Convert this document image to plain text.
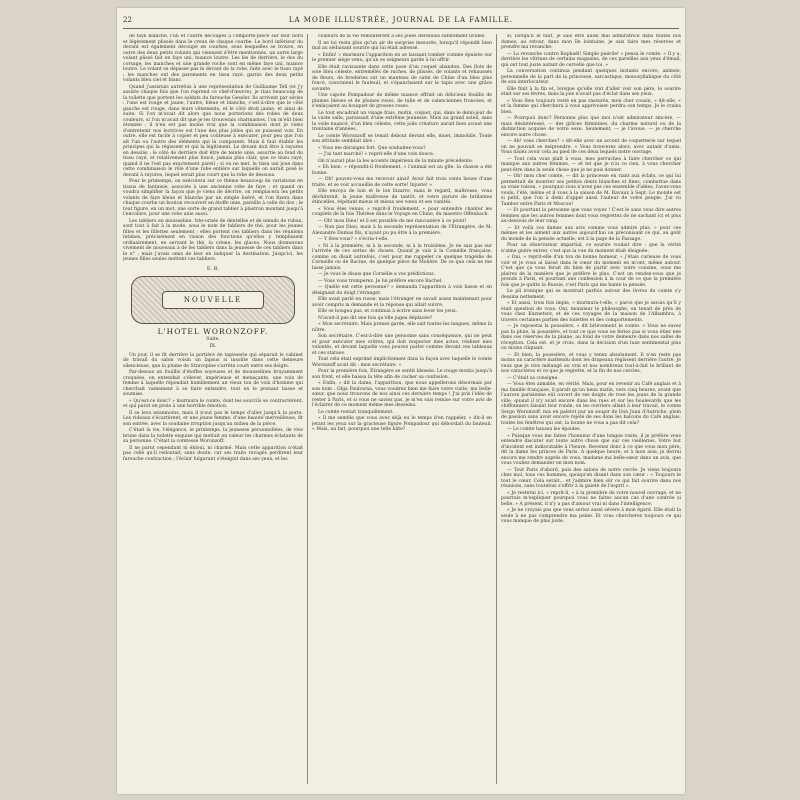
22	LA MODE ILLUSTRÉE, JOURNAL DE LA FAMILLE.

de faye blanche, l'un et l'autre découpés à l'emporte-pièce sur leur bord et légèrement plissés dans le creux de chaque courbe. Le bord inférieur du devant est également découpé en courbes, sous lesquelles se trouve, en outre des deux petits volants qui viennent d'être mentionnés, un autre large volant plissé fait en faye uni, nuance loutre. Les lés de derrière, le dos du corsage, les manches et une grande roche sont en même faye uni, nuance loutre. Le volant se dépasse pas le devant de la robe, faite avec le tissu rayé ; les manches ont des parements en tissu rayé, garnis des deux petits volants bleu ciel et blanc.

Quand j'assistais autrefois à une représentation de Guillaume Tell (et j'y assiste chaque fois que l'on reprend ce chef-d'œuvre), je riais beaucoup de la toilette que portent les soldats du farouche Gessler. Ils arrivent par séries : l'une est rouge et jaune, l'autre, bleue et blanche, c'est-à-dire que le côté gauche est rouge, dans leurs vêtements, et le côté droit jaune, et ainsi de suite. Si l'on m'avait dit alors que nous porterions des robes de deux couleurs, si l'on m'avait dit que je les trouverais charmantes, l'on m'eût bien étonnée ; il n'en est pas moins vrai que la combinaison dont je viens d'entretenir nos lectrices est l'une des plus jolies qui se puissent voir. En outre, elle est facile à copier et peu coûteuse à exécuter, pour peu que l'on ait l'un ou l'autre des éléments qui la composent. Mais il faut établir les principes qui la régissent et qui la légitiment. Le devant doit être à rayures en dessins ; le côté de derrière doit être de teinte unie, assortie au fond du tissu rayé, et relativement plus foncé, jamais plus clair, que ce tissu rayé, quand il ne l'est pas exactement pareil ; si on ne met, le tissu uni joue dans cette combinaison le rôle d'une robe entière sur laquelle on aurait posé le devant à rayures, lequel serait plus court que la robe de dessous.

Pour le printemps, on exécutera sur ce thème beaucoup de variations en tissus de fantaisie, associés à une ancienne robe de faye ; et quand on voudra simplifier la façon que je viens de décrire, on remplacera les petits volants de faye bleue et blanche par un simple liséré, et l'on fixera dans chaque courbe un bouton recouvert en étoffe unie, pareille à celle du dos ; le tout figure, en un mot, une sorte de grand tablier à plastron montant jusqu'à l'encolure, pour une robe unie aussi.

Les tabliers en mousseline, très-ornés de dentelles et de nœuds de ruban, sont tout à fait à la mode, sous le nom de tabliers de thé, pour les jeunes filles et les fillettes seulement ; elles portent ces tabliers dans les réunions intimes, précisément en raison des fonctions qu'elles y remplissent ordinairement, en servant le thé, la crème, les glaces. Nous donnerons vivement de nouveaux à de les tabliers dans la jeunesse de ces tabliers dans le n° ; mais j'avais omis de leur en indiquer la destination. Jusqu'ici, les jeunes filles seules mettent ces tabliers.

E. R.
NOUVELLE
L'HOTEL WORONZOFF.
Suite.
IX.

Un jour, il se fit derrière la portière de tapisserie qui séparait le cabinet de travail du salon voisin un lapsus si insolite dans cette demeure silencieuse, que la plume de Stravopine s'arrêta court entre ses doigts.

Par-dessus un fouillis d'étoffes soyeuses et de mousselines bruyamment croquées, on entendait s'élever, impérieuse et menaçante, une voix de femme à laquelle répondait humblement un vieux ton de voix d'homme qui cherchait vainement à se faire entendre, tout en le prenant basse et soumise.

« Qu'est-ce donc? » murmura le comte, dont les sourcils se contractèrent, et qui parut en proie à une horrible émotion.

Il se leva néanmoins, mais il n'eut pas le temps d'aller jusqu'à la porte. Les rideaux s'écartèrent, et une jeune femme, d'une beauté merveilleuse, fit son entrée, avec la soudaine irruption jusqu'au milieu de la pièce.

C'était la vie, l'élégance, le printemps, la jeunesse personnifiées, de vive brune dans la toilette exquise qui mettait en valeur les charmes éclatants de sa personne. C'était la comtesse Woronzoff.

Il ne parut cependant ni ébloui, ni charmé. Mais cette apparition n'était pas celle qu'il redoutait, sans doute, car ses traits ravagés perdirent leur farouche contraction ; l'éclair fulgurant s'éteignit dans ses yeux, et les

couleurs de la vie remontèrent à ses joues devenues subitement livides.

Il ne lui resta plus qu'un air de surprise mesurée, lorsqu'il répondit bien mal au séduisant sourire qui lui était adressé.

« Enfin! » murmura l'apparition en se laissant tomber comme épuisée sur le premier siège venu, qu'un es seigneurs garde à lui offrir.

Elle était ravissante dans cette pose d'un coquet abandon. Des flots de soie bleu céleste, entremêlés de ruches, de plissés, de volants et rehaussés de fleurs, de broderies sur un manteau de satin de Chine d'un bleu plus foncé, couvraient le fauteuil, et s'épanchaient sur le tapis avec une grâce savante.

Une capote Pompadour de même nuance offrait un délicieux feuillis de plumes bleues et de plumes roses, de tulle et de valenciennes froncées, et s'enlaçaient au bouquet de grosses roses.

Le tout encadrait un visage frais, mutin, coquet, qui, dans le demi-jour de la vaste salle, paraissait d'une extrême jeunesse. Mais au grand soleil, sans la voile nuancé, d'un bleu céleste, cette jolie créature aurait bien avoué une trentaine d'années.

Le comte Woronzoff se tenait debout devant elle, muet, immobile. Toute son attitude semblait dire :

« Vous me dérangez fort. Que souhaitez-vous?

— J'ai tant marché! » reprit-elle d'une voix douce.

On n'aurait plus la les accents impérieux de la minute précédente.

« Eh bien, » répondit-il froidement, « l'animal est au gîte, la chasse a été bonne.

— Oh! pouvez-vous me recevoir ainsi! Avoir fait trois cents lieues d'une traite, et se voir accueillie de cette sorte! Injuste! »

Elle envoya de loin et le ton bizarre, mais le regard, maîtresse, vous déchirerait, la jeune maîtresse de tantôt, et votre parure de brillantes étincelles, répétant mieux et mieux ses vœux et ses vanités.

« Vous êtes venue, » reprit-il froidement, « pour entendre chanter les couplets de la fois Thérèse dans le Voyage en Chine, du maestro Offenbach.

— Oh! mon Dieu! et il est possible de me rancunière à ce point!

— Non pas Dieu, mais à la seconde représentation de l'Étrangère, de M. Alexandre Dumas fils, n'ayant pu pu être à la première.

— Y êtes-vous? » s'écria-t-elle.

« Ni à la première, ni à la seconde, ni à la troisième. Je ne sais pas sur l'arrivée de ces sortes de choses. Quand je vais à la Comédie française, comme on disait autrefois, c'est pour me rappeler ce quelque tragédie de Corneille ou de Racine, de quelque pièce de Molière. De ce que cela ne me lasse jamais.

— Je vous le disais que Cornélie a vos prédictions.

— Vous vous tromperez. Je lui préfère encore Rachel.

— Quelle est cette personne? » demanda l'apparition à voix basse et en désignant du doigt l'étranger.

Elle avait parlé en russe, mais l'étranger ne savait assez maintenant pour avoir compris la demande et la réponse qui allait suivre.

Elle se bougea pas, et continua à écrire sans lever les yeux.

N'avait-il pas dit une fois qu'elle jugea déplacée?

« Mon secrétaire. Mais prenez garde, elle sait toutes les langues, même la nôtre.

Son secrétaire. C'est-à-dire une personne sans conséquence, qui ne peut et pour exécuter mes ordres, qui doit respecter mes actes, réaliser mes volontés, et devant laquelle vous pouvez parler comme devant ces tableaux et ces statues.

Tout cela était exprimé implicitement dans la façon avec laquelle le comte Woronzoff avait dit : mon secrétaire. »

Pour la première fois, Étrangère se sentit blessée. Le rouge monta jusqu'à son front, et elle baissa la tête afin de cacher sa confusion.

« Enfin, » dit la dame, l'apparition, que nous appellerons désormais par son nom : Olga Paulowna, vous voudrez bien me faire votre visite, ma belle-sœur, que nous trouvons de nos ainsi ces derniers temps ! J'ai pris l'idée de rester à Paris, et si vous ne saviez pas, je m'en suis remise sur votre avis de l'éclairer de ce moment même mes desseins.

Le comte restait tranquillement.

« Il me semble que vous avez déjà eu le temps d'en rappeler, » dit-il en jetant les yeux sur la gracieuse figure Pompadour qui débordait du fauteuil. « Mais, au fait, pourquoi une telle hâte?

si, lorsqu'il le faut, je sais être aussi mal admiratrice dans toutes nos dames, au retour, dans mon île lointaine, je sais faire mes réserves et prendre ma revanche.

— La revanche contre Raphaël! Simple puérile! » pensa le comte. « Il y a, derrière les vitrines de certains magasins, de ces pareilles aux yeux d'émail, qui ont tout juste autant de cervelle que toi. »

La conversation continua pendant quelques instants encore, animée, personnelle de la part de la princesse, sarcastique, monosyllabique du côté de son interlocuteur.

Elle finit à la fin et, lorsque qu'elle vint d'aller voir son père, le sourire était sur ses lèvres, mais la joie n'avait pas d'éclat dans ses yeux.

« Vous êtes toujours resté en pas rassurés, mon cher cousin, » dit-elle, « et la femme qui cherchera à vous apprivoiser perdra son temps. Je le crains bien.

— Pourquoi donc? Personne plus que moi n'est admirateur sincère, — mais désintéressé, — des grâces féminines, du charme naturel ou de la distinction acquise de votre sexe. Seulement, — je l'avoue, — je cherche encore autre chose.

— Ah! vous cherchez? » dit-elle avec un accent de coquetterie sur lequel on ne pouvait se méprendre. « Vous trouverez alors, avec autant d'amis. Vous disiez avoir cela au pied de ces deux lequels notre ouvrage.

— Tout cela vous plaît à vous, mes perruches à faire chercher ce qui manque aux autres femmes, — et tel que je n'ai ce rien, à vous chercher peut-être dans la seule chose que je ne puis donner.

— Oh! mon cher comte, — dit la princesse en riant aux éclats, ce qui lui permettait de montrer ses petites dents blanches et fines, combattue dans sa vraie raison, » pourquoi vous n'avez pas ces ensemble d'idées, l'avez-vous voulu, l'été, même et il vous à la saison de M. Ravaux à Sept. Le monde est si petit, que l'on à demi d'appel aussi l'auteur de votre peuple. J'ai vu Tambor entre Paris et Moscou!

— Et pourtant la personne que vous voyez ! C'est le sans vous dire autres femmes que les autres femmes dont vous regrettez de ne sachant ici et plus au-dessous de leur rang.

— Et voilà vos dames aux avis comme vous admire plus. » pour ces mêmes et les aiment aux autres aujourd'hui ou préconisant ce qui, au goût du monde de la pensée actuelle, est à la page de la Passage.

Pour un observateur impartial, ce sourire voulait dire : que la vérité n'aime guère entrer, c'est que la vue du moment était éloignée.

« Oui, » reprit-elle d'un ton de bonne humeur, « j'étais curieuse de vous voir et je vous ai laissé dans le cœur du moment en m'ont, même autour. C'est que ça vous ferait du bien de partir avec votre cousine, vous me plairez de la manière que je préfère le plus. C'est un rendez-vous que je prends à Paris, et pourtant une confession à la cour de ce que la première fois que je quitte la Russie, c'est Paris qui me hante la pensée.

Le pli ironique qui se montrait parfois autour des lèvres du comte s'y dessina nettement.

« Et aussi, trois fois impie, » murmura-t-elle, « parce que je savais qu'il y était question de vous. Oui, monsieur le philosophe, on tenait de près de vous chez Kuznetsov, et de ces voyages de la maison de l'Alhambra, à travers certaines parties des toilettes et des comportements.

— Je reposerai la poussière, » dit brièvement le comte. « Vous ne savez pas la pluie, la poussière, et tout ce que vous ne feriez pas si vous étiez née dans ces réserves de la plaine, au fond de votre demeure dans nos salles de réception. Cela est, et je crois, dans la décision d'un luxe sentimental plus ou moins cliquant.

— Et bien, la poussière, et vous y tenez absolument. Il n'en reste pas moins un caractère inattendu dont les drapeaux régissent derrière l'autre. Je veux que je vive mélangé au vrai et nos nombreux tout-à-fait le brillant de nos caractères et ce que je regrette, et la fin de nos cercles.

— C'était sa consigne.

— Vous êtes aimable, en vérité. Mais, pour en revenir au Café anglais et à ma famille française, il paraît qu'un beau matin, vers cinq heures, avant que l'aurore parisienne eût ouvert de ses doigts de rose les joues de la grande ville, quand il n'y avait encore dans les rues et sur les boulevards que les chiffonniers faisant leur ronde, on les ouvriers allant à leur travail, le comte Serge Woronzoff, mis en paletot par un soupir de Don Juan d'Autriche, plein de passion sans avoir encore rejeté de ses dons les balcons du Café anglais, toutes les fenêtres qui ont, la bonne ne vous a pas dit cela?

— Le comte haussa les épaules.

« Puisque vous me faites l'honneur d'une longue visite, il je préfère vous entendre discuter sur toute autre chose que sur ces vieilleries. Votre but d'incident est indiscutable à l'heure. Revenez donc à ce que vous mon père, dit la dame les princes de Paris. À quelque heure, et à mon aise, je devrai encore me rendre auprès de vous, madame ma belle-sœur dans un avis, que vous vouliez demander en mon nom.

— Tout Paris d'abord, puis des salons de notre cercle. Je viens toujours chez moi, tous ces hommes, quoiqu'en disant dans son cœur : « Toujours le tout le cœur. Cela serait... et j'admire bien sûr ce qui fait sourire dans nos réunions, sans toutefois s'offrir à la gaieté de l'esprit ».

« Je resterai ici, » reprit-il, « à la première de votre nouvel ouvrage, et ne pourrais m'expliquer pourquoi vous ne faites aucun cas d'une contrée si belle. » A présent, il n'y a pas d'amour vrai ni dans l'intelligence.

« Je ne croyais pas que vous seriez aussi sévère à mon égard. Elle était la seule à ne pas comprendre ma peine. Et vous chercherez toujours ce qui vous manque de plus juste.
